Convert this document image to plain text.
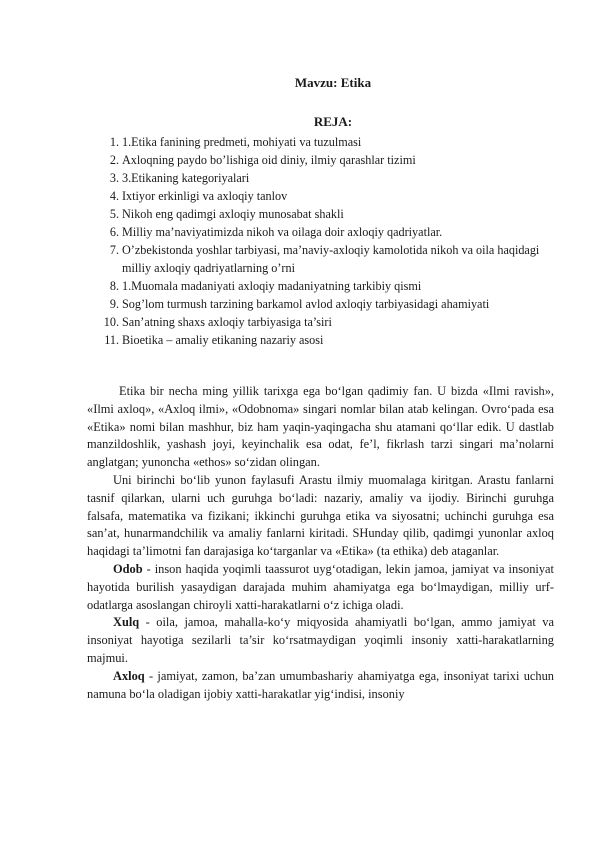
Mavzu: Etika
REJA:
1. 1.Etika fanining predmeti, mohiyati va tuzulmasi
2. Axloqning paydo bo’lishiga oid diniy, ilmiy qarashlar tizimi
3. 3.Etikaning kategoriyalari
4. Ixtiyor erkinligi va axloqiy tanlov
5. Nikoh eng qadimgi axloqiy munosabat shakli
6. Milliy ma’naviyatimizda nikoh va oilaga doir axloqiy qadriyatlar.
7. O’zbekistonda yoshlar tarbiyasi, ma’naviy-axloqiy kamolotida nikoh va oila haqidagi milliy axloqiy qadriyatlarning o’rni
8. 1.Muomala madaniyati axloqiy madaniyatning tarkibiy qismi
9. Sog’lom turmush tarzining barkamol avlod axloqiy tarbiyasidagi ahamiyati
10. San’atning shaxs axloqiy tarbiyasiga ta’siri
11. Bioetika – amaliy etikaning nazariy asosi

Etika bir necha ming yillik tarixga ega bo‘lgan qadimiy fan. U bizda «Ilmi ravish», «Ilmi axloq», «Axloq ilmi», «Odobnoma» singari nomlar bilan atab kelingan. Ovro‘pada esa «Etika» nomi bilan mashhur, biz ham yaqin-yaqingacha shu atamani qo‘llar edik. U dastlab manzildoshlik, yashash joyi, keyinchalik esa odat, fe’l, fikrlash tarzi singari ma’nolarni anglatgan; yunoncha «ethos» so‘zidan olingan.

Uni birinchi bo‘lib yunon faylasufi Arastu ilmiy muomalaga kiritgan. Arastu fanlarni tasnif qilarkan, ularni uch guruhga bo‘ladi: nazariy, amaliy va ijodiy. Birinchi guruhga falsafa, matematika va fizikani; ikkinchi guruhga etika va siyosatni; uchinchi guruhga esa san’at, hunarmandchilik va amaliy fanlarni kiritadi. SHunday qilib, qadimgi yunonlar axloq haqidagi ta’limotni fan darajasiga ko‘targanlar va «Etika» (ta ethika) deb ataganlar.

Odob - inson haqida yoqimli taassurot uyg‘otadigan, lekin jamoa, jamiyat va insoniyat hayotida burilish yasaydigan darajada muhim ahamiyatga ega bo‘lmaydigan, milliy urf-odatlarga asoslangan chiroyli xatti-harakatlarni o‘z ichiga oladi.

Xulq - oila, jamoa, mahalla-ko‘y miqyosida ahamiyatli bo‘lgan, ammo jamiyat va insoniyat hayotiga sezilarli ta’sir ko‘rsatmaydigan yoqimli insoniy xatti-harakatlarning majmui.

Axloq - jamiyat, zamon, ba’zan umumbashariy ahamiyatga ega, insoniyat tarixi uchun namuna bo‘la oladigan ijobiy xatti-harakatlar yig‘indisi, insoniy
